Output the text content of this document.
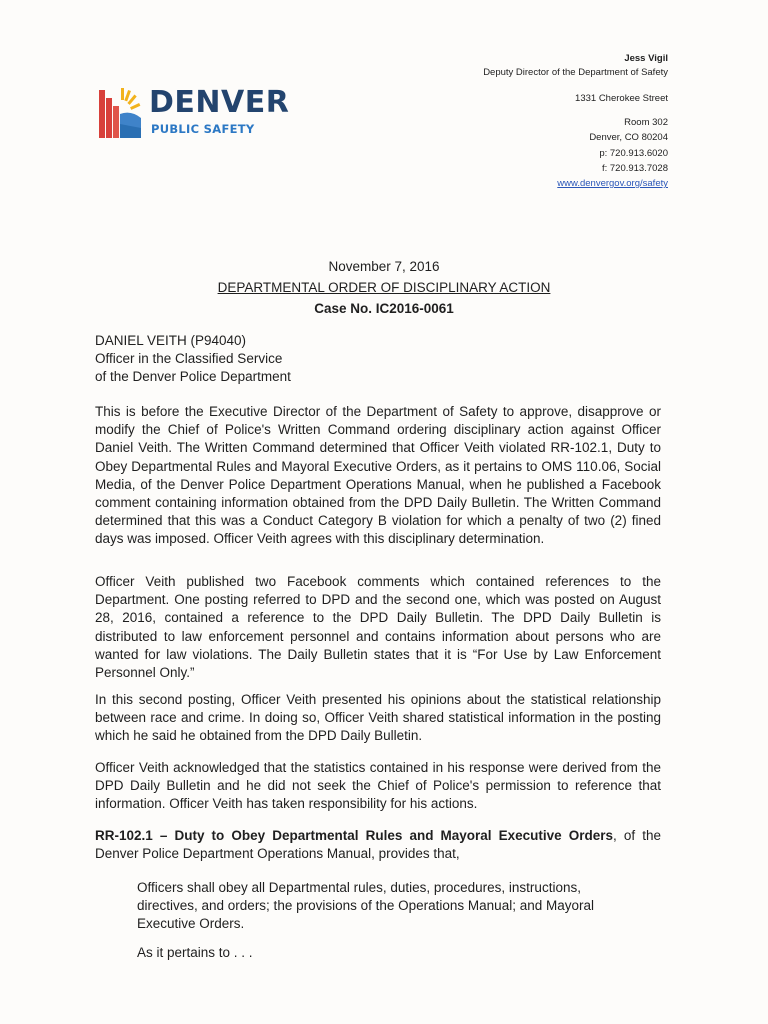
DENVER
PUBLIC SAFETY
Jess Vigil
Deputy Director of the Department of Safety
1331 Cherokee Street
Room 302
Denver, CO 80204
p: 720.913.6020
f: 720.913.7028
www.denvergov.org/safety
November 7, 2016
DEPARTMENTAL ORDER OF DISCIPLINARY ACTION
Case No. IC2016-0061
DANIEL VEITH (P94040)
Officer in the Classified Service
of the Denver Police Department

This is before the Executive Director of the Department of Safety to approve, disapprove or modify the Chief of Police's Written Command ordering disciplinary action against Officer Daniel Veith. The Written Command determined that Officer Veith violated RR-102.1, Duty to Obey Departmental Rules and Mayoral Executive Orders, as it pertains to OMS 110.06, Social Media, of the Denver Police Department Operations Manual, when he published a Facebook comment containing information obtained from the DPD Daily Bulletin. The Written Command determined that this was a Conduct Category B violation for which a penalty of two (2) fined days was imposed. Officer Veith agrees with this disciplinary determination.

Officer Veith published two Facebook comments which contained references to the Department. One posting referred to DPD and the second one, which was posted on August 28, 2016, contained a reference to the DPD Daily Bulletin. The DPD Daily Bulletin is distributed to law enforcement personnel and contains information about persons who are wanted for law violations. The Daily Bulletin states that it is “For Use by Law Enforcement Personnel Only.”

In this second posting, Officer Veith presented his opinions about the statistical relationship between race and crime. In doing so, Officer Veith shared statistical information in the posting which he said he obtained from the DPD Daily Bulletin.

Officer Veith acknowledged that the statistics contained in his response were derived from the DPD Daily Bulletin and he did not seek the Chief of Police's permission to reference that information. Officer Veith has taken responsibility for his actions.

RR-102.1 – Duty to Obey Departmental Rules and Mayoral Executive Orders, of the Denver Police Department Operations Manual, provides that,

Officers shall obey all Departmental rules, duties, procedures, instructions, directives, and orders; the provisions of the Operations Manual; and Mayoral Executive Orders.

As it pertains to . . .
